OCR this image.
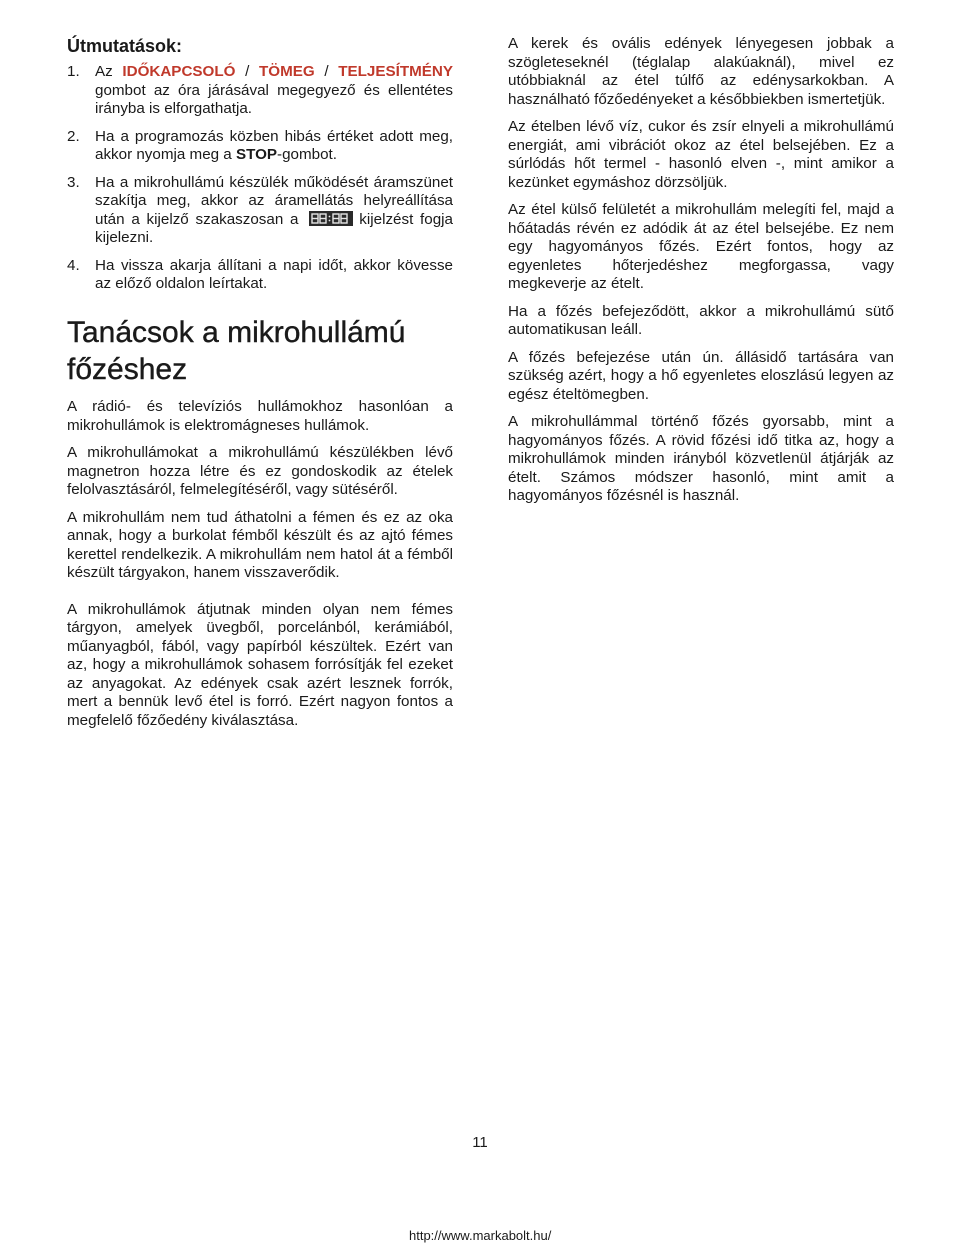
Útmutatások:
1. Az IDŐKAPCSOLÓ / TÖMEG / TELJESÍTMÉNY gombot az óra járásával megegyező és ellentétes irányba is elforgathatja.
2. Ha a programozás közben hibás értéket adott meg, akkor nyomja meg a STOP-gombot.
3. Ha a mikrohullámú készülék működését áramszünet szakítja meg, akkor az áramellátás helyreállítása után a kijelző szakaszosan a	kijelzést fogja kijelezni.
4. Ha vissza akarja állítani a napi időt, akkor kövesse az előző oldalon leírtakat.
Tanácsok a mikrohullámú főzéshez

A rádió- és televíziós hullámokhoz hasonlóan a mikrohullámok is elektromágneses hullámok.

A mikrohullámokat a mikrohullámú készülékben lévő magnetron hozza létre és ez gondoskodik az ételek felolvasztásáról, felmelegítéséről, vagy sütéséről.

A mikrohullám nem tud áthatolni a fémen és ez az oka annak, hogy a burkolat fémből készült és az ajtó fémes kerettel rendelkezik. A mikrohullám nem hatol át a fémből készült tárgyakon, hanem visszaverődik.

A mikrohullámok átjutnak minden olyan nem fémes tárgyon, amelyek üvegből, porcelánból, kerámiából, műanyagból, fából, vagy papírból készültek. Ezért van az, hogy a mikrohullámok sohasem forrósítják fel ezeket az anyagokat. Az edények csak azért lesznek forrók, mert a bennük levő étel is forró. Ezért nagyon fontos a megfelelő főzőedény kiválasztása.

A kerek és ovális edények lényegesen jobbak a szögleteseknél (téglalap alakúaknál), mivel ez utóbbiaknál az étel túlfő az edénysarkokban. A használható főzőedényeket a későbbiekben ismertetjük.

Az ételben lévő víz, cukor és zsír elnyeli a mikrohullámú energiát, ami vibrációt okoz az étel belsejében. Ez a súrlódás hőt termel - hasonló elven -, mint amikor a kezünket egymáshoz dörzsöljük.

Az étel külső felületét a mikrohullám melegíti fel, majd a hőátadás révén ez adódik át az étel belsejébe. Ez nem egy hagyományos főzés. Ezért fontos, hogy az egyenletes hőterjedéshez megforgassa, vagy megkeverje az ételt.

Ha a főzés befejeződött, akkor a mikrohullámú sütő automatikusan leáll.

A főzés befejezése után ún. állásidő tartására van szükség azért, hogy a hő egyenletes eloszlású legyen az egész ételtömegben.

A mikrohullámmal történő főzés gyorsabb, mint a hagyományos főzés. A rövid főzési idő titka az, hogy a mikrohullámok minden irányból közvetlenül átjárják az ételt. Számos módszer hasonló, mint amit a hagyományos főzésnél is használ.

11
http://www.markabolt.hu/
